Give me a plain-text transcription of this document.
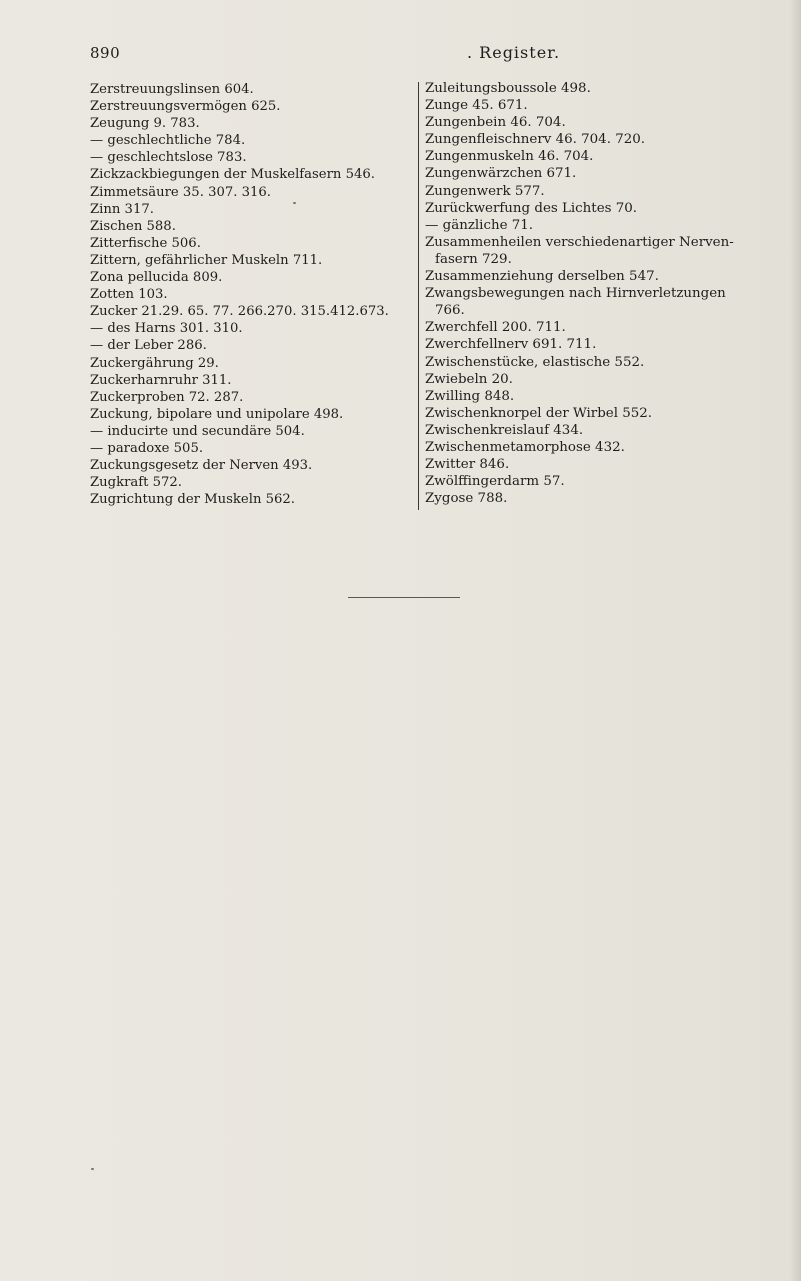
890	. Register.
Zerstreuungslinsen 604.
Zerstreuungsvermögen 625.
Zeugung 9. 783.
— geschlechtliche 784.
— geschlechtslose 783.
Zickzackbiegungen der Muskelfasern 546.
Zimmetsäure 35. 307. 316.
Zinn 317.
Zischen 588.
Zitterfische 506.
Zittern, gefährlicher Muskeln 711.
Zona pellucida 809.
Zotten 103.
Zucker 21.29. 65. 77. 266.270. 315.412.673.
— des Harns 301. 310.
— der Leber 286.
Zuckergährung 29.
Zuckerharnruhr 311.
Zuckerproben 72. 287.
Zuckung, bipolare und unipolare 498.
— inducirte und secundäre 504.
— paradoxe 505.
Zuckungsgesetz der Nerven 493.
Zugkraft 572.
Zugrichtung der Muskeln 562.
Zuleitungsboussole 498.
Zunge 45. 671.
Zungenbein 46. 704.
Zungenfleischnerv 46. 704. 720.
Zungenmuskeln 46. 704.
Zungenwärzchen 671.
Zungenwerk 577.
Zurückwerfung des Lichtes 70.
— gänzliche 71.
Zusammenheilen verschiedenartiger Nerven-
fasern 729.
Zusammenziehung derselben 547.
Zwangsbewegungen nach Hirnverletzungen
766.
Zwerchfell 200. 711.
Zwerchfellnerv 691. 711.
Zwischenstücke, elastische 552.
Zwiebeln 20.
Zwilling 848.
Zwischenknorpel der Wirbel 552.
Zwischenkreislauf 434.
Zwischenmetamorphose 432.
Zwitter 846.
Zwölffingerdarm 57.
Zygose 788.
